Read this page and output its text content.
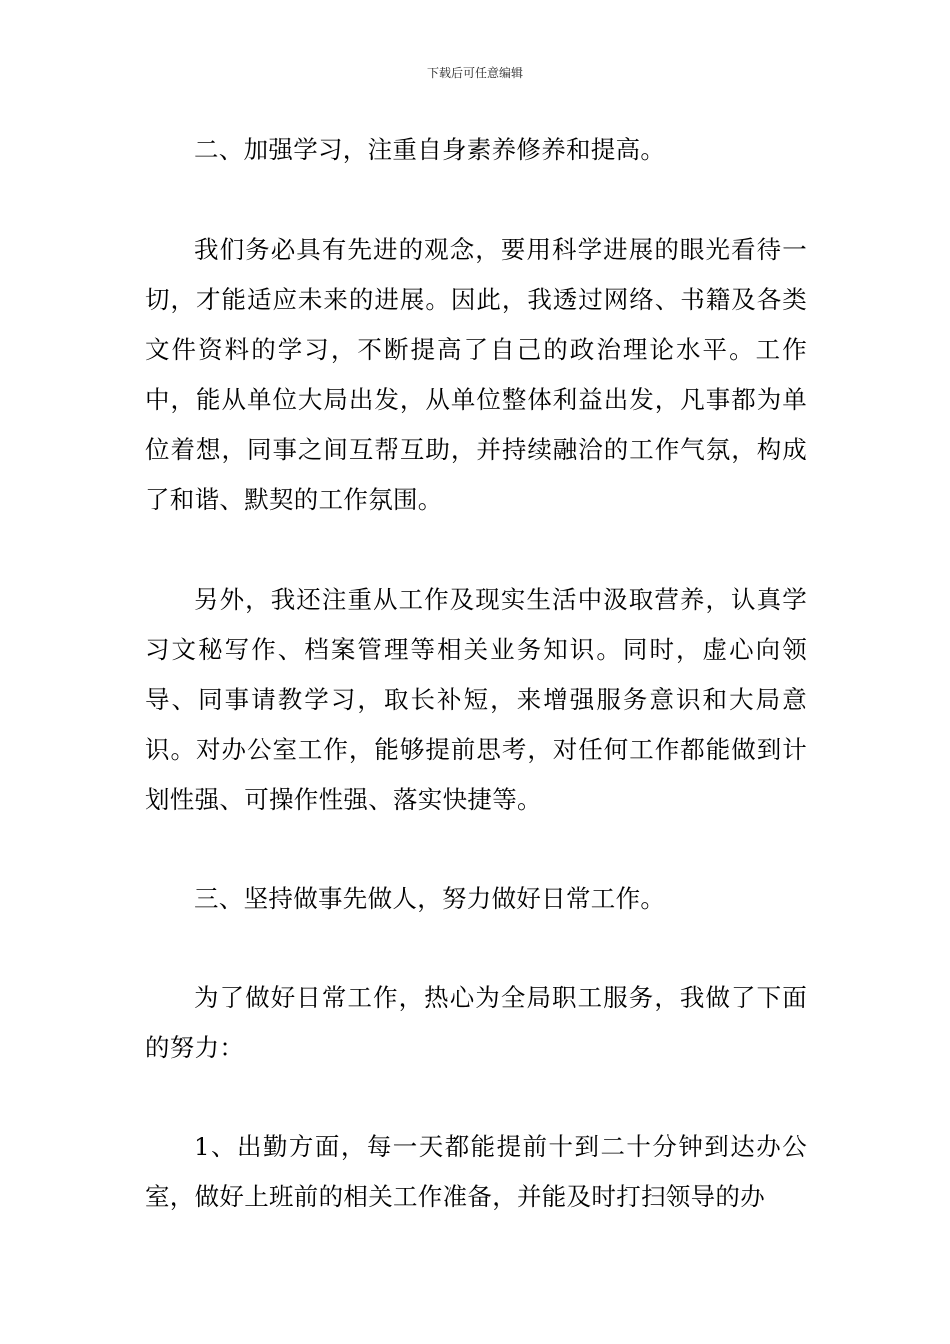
下载后可任意编辑

二、加强学习，注重自身素养修养和提高。

我们务必具有先进的观念，要用科学进展的眼光看待一切，才能适应未来的进展。因此，我透过网络、书籍及各类文件资料的学习，不断提高了自己的政治理论水平。工作中，能从单位大局出发，从单位整体利益出发，凡事都为单位着想，同事之间互帮互助，并持续融洽的工作气氛，构成了和谐、默契的工作氛围。

另外，我还注重从工作及现实生活中汲取营养，认真学习文秘写作、档案管理等相关业务知识。同时，虚心向领导、同事请教学习，取长补短，来增强服务意识和大局意识。对办公室工作，能够提前思考，对任何工作都能做到计划性强、可操作性强、落实快捷等。

三、坚持做事先做人，努力做好日常工作。

为了做好日常工作，热心为全局职工服务，我做了下面的努力：

1、出勤方面，每一天都能提前十到二十分钟到达办公室，做好上班前的相关工作准备，并能及时打扫领导的办
